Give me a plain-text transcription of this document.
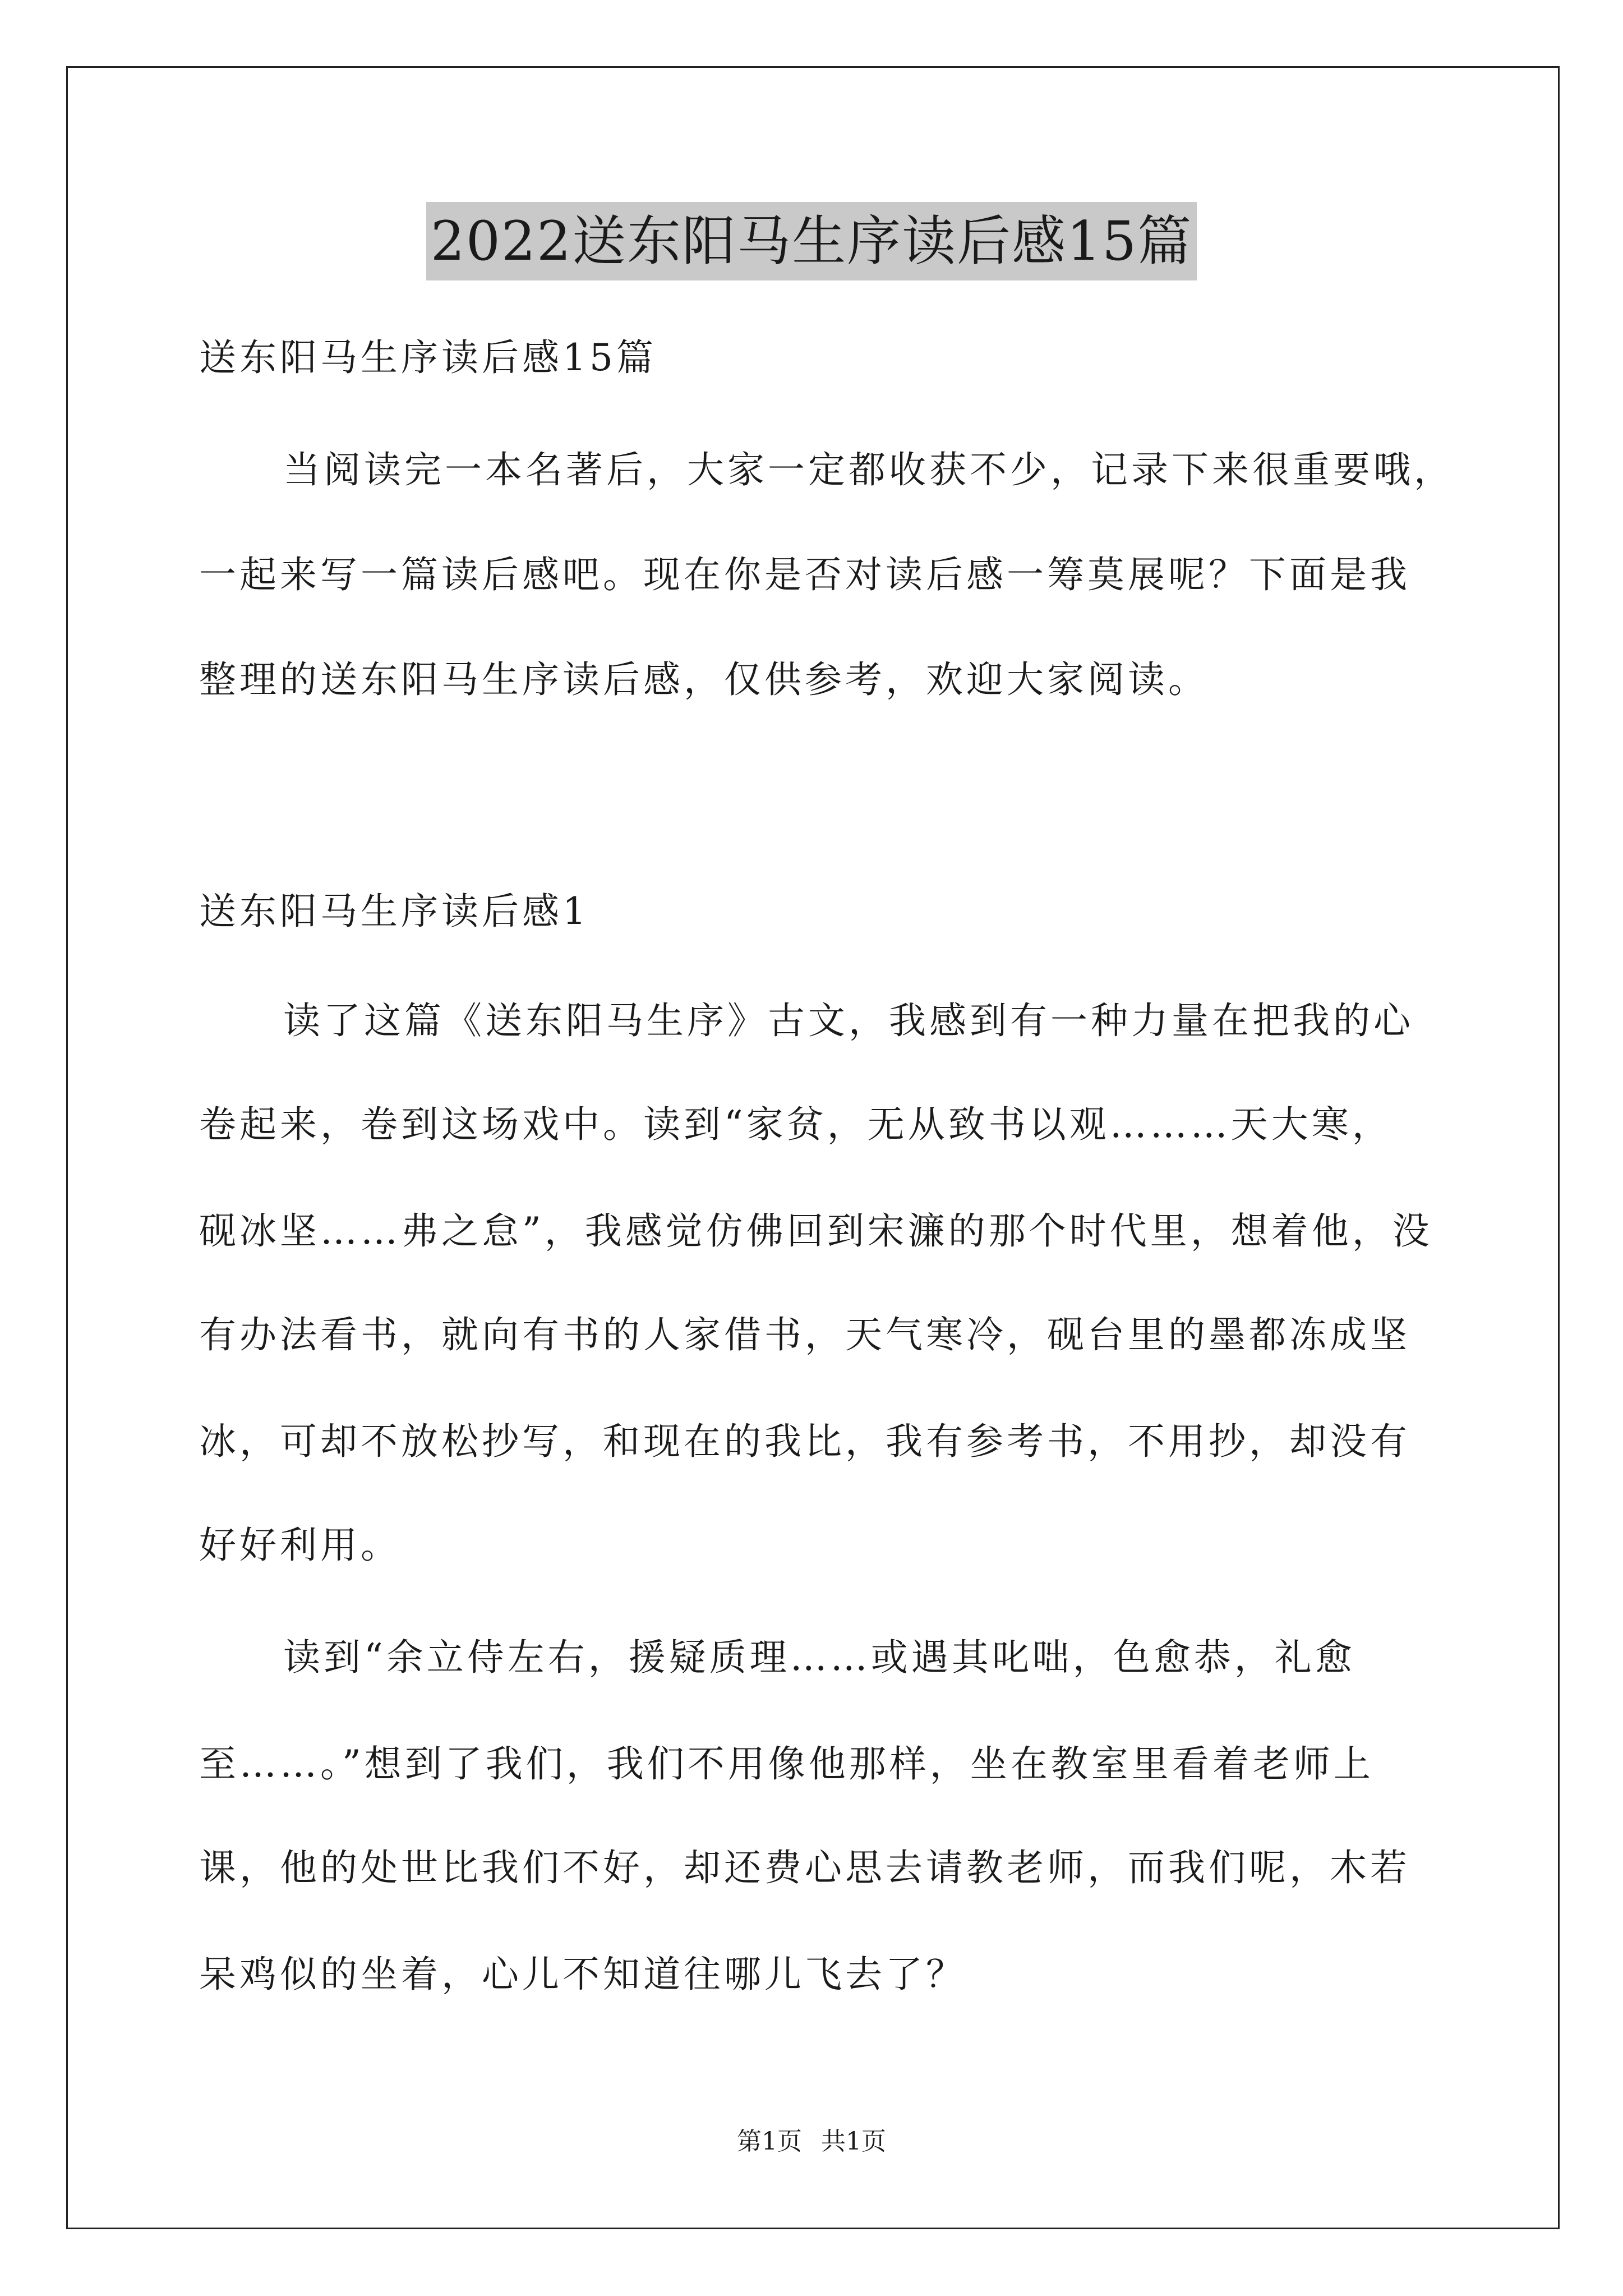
2022送东阳马生序读后感15篇
送东阳马生序读后感15篇
当阅读完一本名著后，大家一定都收获不少，记录下来很重要哦，
一起来写一篇读后感吧。现在你是否对读后感一筹莫展呢？下面是我
整理的送东阳马生序读后感，仅供参考，欢迎大家阅读。
送东阳马生序读后感1
读了这篇《送东阳马生序》古文，我感到有一种力量在把我的心
卷起来，卷到这场戏中。读到“家贫，无从致书以观………天大寒，
砚冰坚……弗之怠”，我感觉仿佛回到宋濂的那个时代里，想着他，没
有办法看书，就向有书的人家借书，天气寒冷，砚台里的墨都冻成坚
冰，可却不放松抄写，和现在的我比，我有参考书，不用抄，却没有
好好利用。
读到“余立侍左右，援疑质理……或遇其叱咄，色愈恭，礼愈
至……。”想到了我们，我们不用像他那样，坐在教室里看着老师上
课，他的处世比我们不好，却还费心思去请教老师，而我们呢，木若
呆鸡似的坐着，心儿不知道往哪儿飞去了？
第1页 共1页
